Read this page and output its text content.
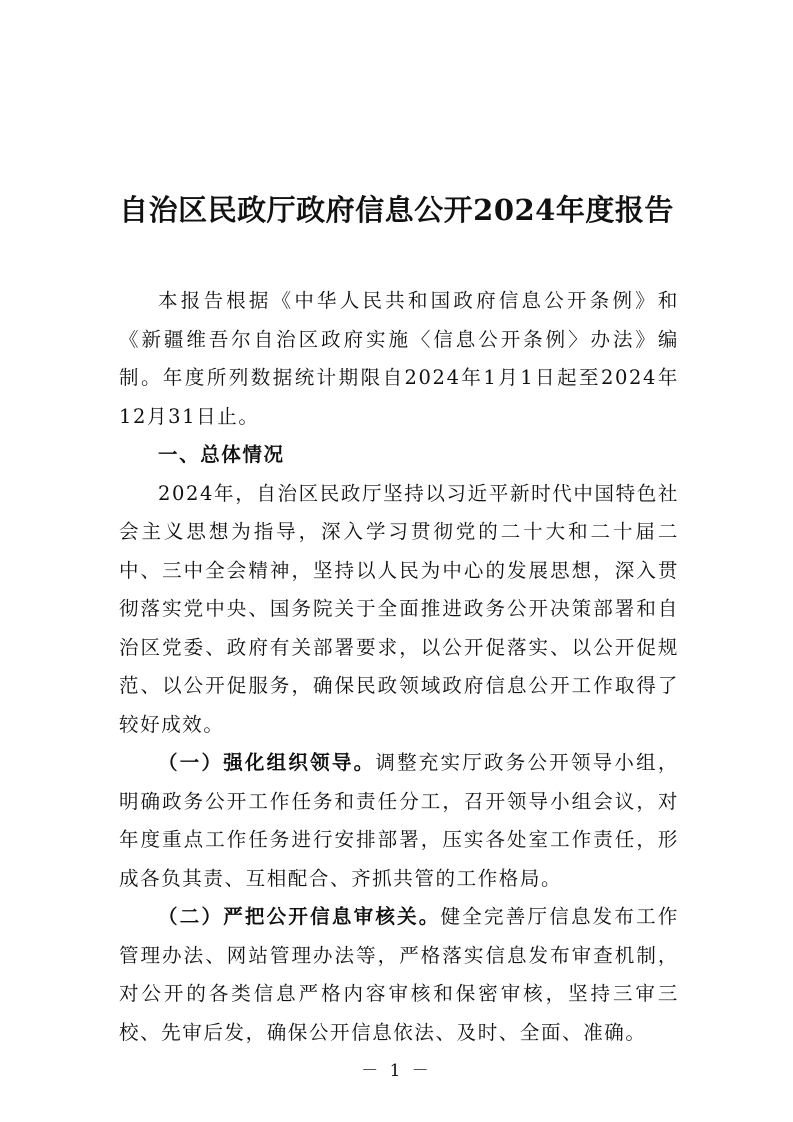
自治区民政厅政府信息公开2024年度报告

本报告根据《中华人民共和国政府信息公开条例》和《新疆维吾尔自治区政府实施〈信息公开条例〉办法》编制。年度所列数据统计期限自2024年1月1日起至2024年12月31日止。

一、总体情况

2024年，自治区民政厅坚持以习近平新时代中国特色社会主义思想为指导，深入学习贯彻党的二十大和二十届二中、三中全会精神，坚持以人民为中心的发展思想，深入贯彻落实党中央、国务院关于全面推进政务公开决策部署和自治区党委、政府有关部署要求，以公开促落实、以公开促规范、以公开促服务，确保民政领域政府信息公开工作取得了较好成效。

（一）强化组织领导。调整充实厅政务公开领导小组，明确政务公开工作任务和责任分工，召开领导小组会议，对年度重点工作任务进行安排部署，压实各处室工作责任，形成各负其责、互相配合、齐抓共管的工作格局。

（二）严把公开信息审核关。健全完善厅信息发布工作管理办法、网站管理办法等，严格落实信息发布审查机制，对公开的各类信息严格内容审核和保密审核，坚持三审三校、先审后发，确保公开信息依法、及时、全面、准确。

－ 1 －
